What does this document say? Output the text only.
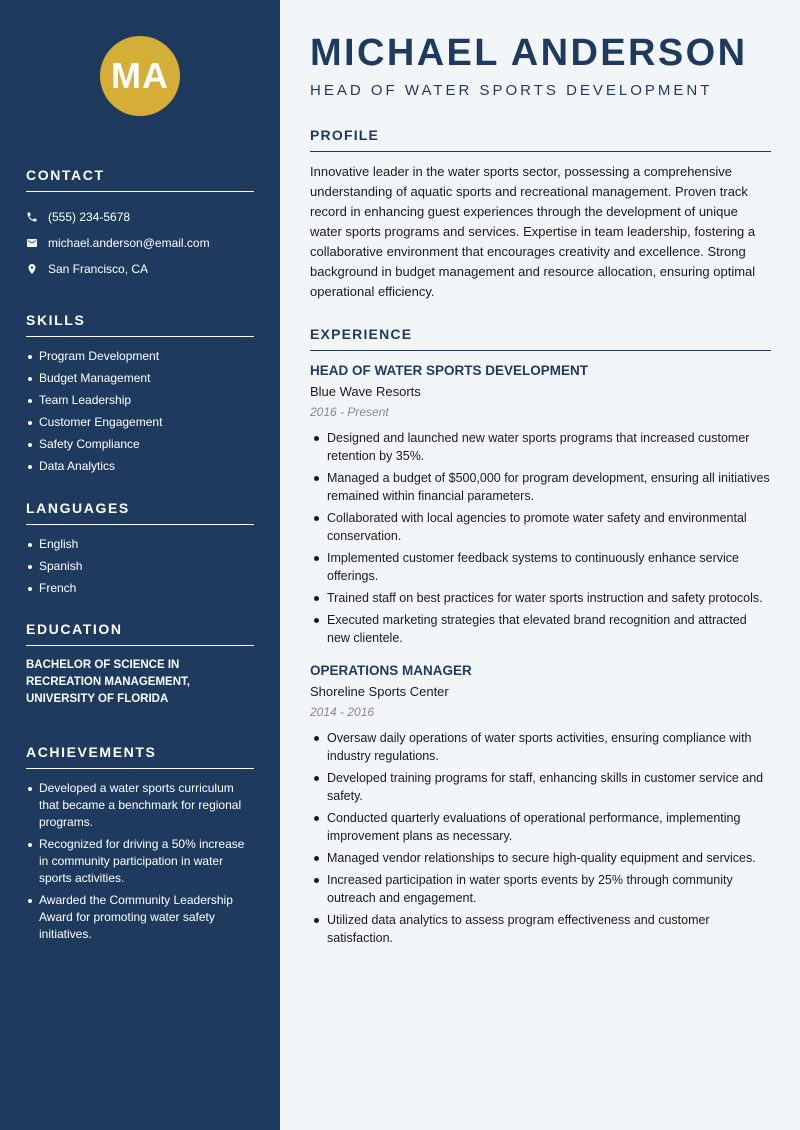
MA
CONTACT
(555) 234-5678
michael.anderson@email.com
San Francisco, CA
SKILLS
Program Development
Budget Management
Team Leadership
Customer Engagement
Safety Compliance
Data Analytics
LANGUAGES
English
Spanish
French
EDUCATION
BACHELOR OF SCIENCE IN RECREATION MANAGEMENT, UNIVERSITY OF FLORIDA
ACHIEVEMENTS
Developed a water sports curriculum that became a benchmark for regional programs.
Recognized for driving a 50% increase in community participation in water sports activities.
Awarded the Community Leadership Award for promoting water safety initiatives.
MICHAEL ANDERSON
HEAD OF WATER SPORTS DEVELOPMENT
PROFILE
Innovative leader in the water sports sector, possessing a comprehensive understanding of aquatic sports and recreational management. Proven track record in enhancing guest experiences through the development of unique water sports programs and services. Expertise in team leadership, fostering a collaborative environment that encourages creativity and excellence. Strong background in budget management and resource allocation, ensuring optimal operational efficiency.
EXPERIENCE
HEAD OF WATER SPORTS DEVELOPMENT
Blue Wave Resorts
2016 - Present
Designed and launched new water sports programs that increased customer retention by 35%.
Managed a budget of $500,000 for program development, ensuring all initiatives remained within financial parameters.
Collaborated with local agencies to promote water safety and environmental conservation.
Implemented customer feedback systems to continuously enhance service offerings.
Trained staff on best practices for water sports instruction and safety protocols.
Executed marketing strategies that elevated brand recognition and attracted new clientele.
OPERATIONS MANAGER
Shoreline Sports Center
2014 - 2016
Oversaw daily operations of water sports activities, ensuring compliance with industry regulations.
Developed training programs for staff, enhancing skills in customer service and safety.
Conducted quarterly evaluations of operational performance, implementing improvement plans as necessary.
Managed vendor relationships to secure high-quality equipment and services.
Increased participation in water sports events by 25% through community outreach and engagement.
Utilized data analytics to assess program effectiveness and customer satisfaction.
